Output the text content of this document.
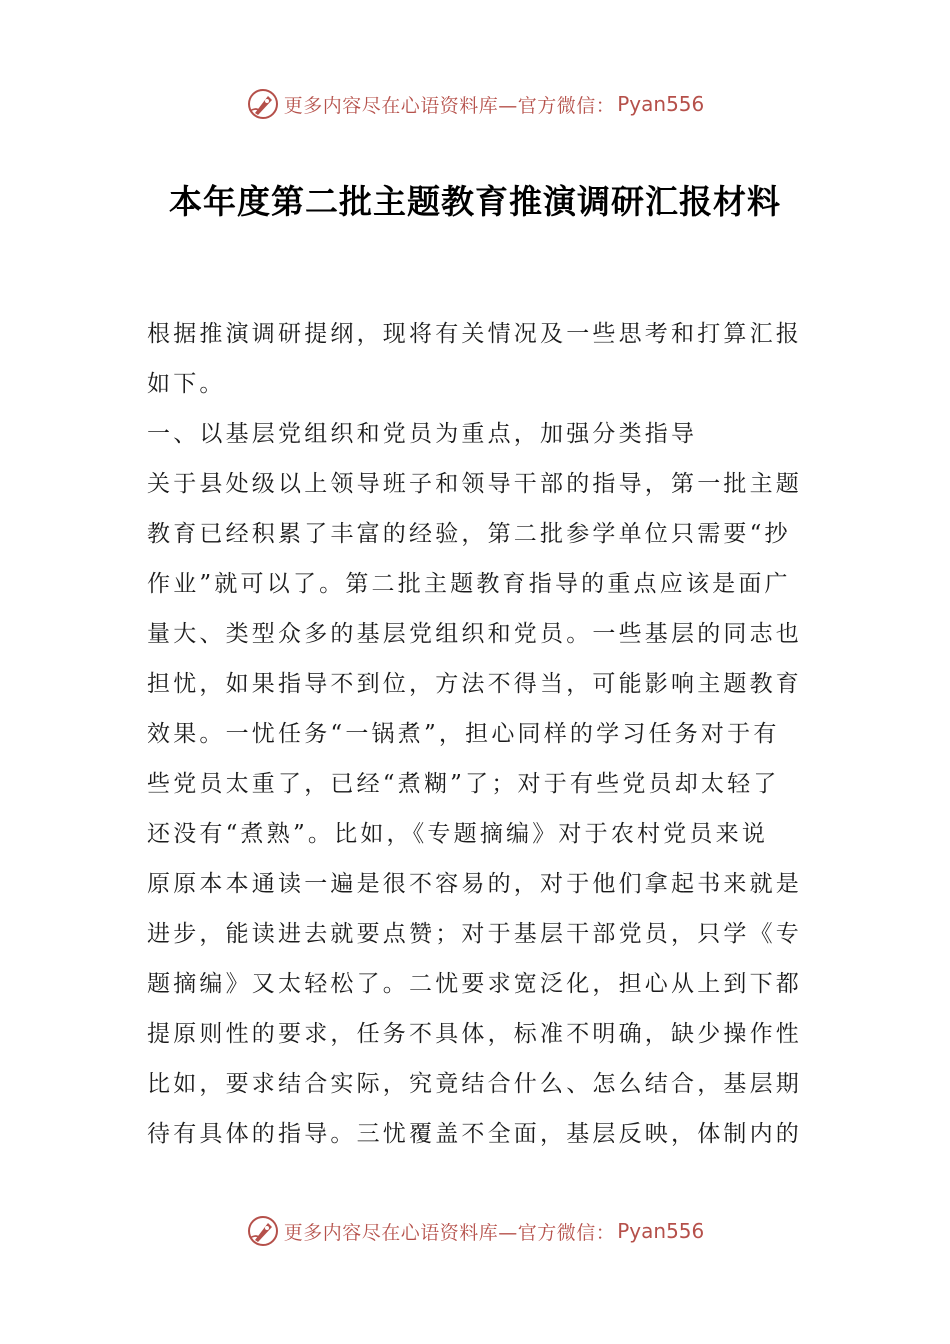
更多内容尽在心语资料库—官方微信： Pyan556
本年度第二批主题教育推演调研汇报材料

根据推演调研提纲，现将有关情况及一些思考和打算汇报

如下。

一、以基层党组织和党员为重点，加强分类指导

关于县处级以上领导班子和领导干部的指导，第一批主题

教育已经积累了丰富的经验，第二批参学单位只需要“抄

作业”就可以了。第二批主题教育指导的重点应该是面广

量大、类型众多的基层党组织和党员。一些基层的同志也

担忧，如果指导不到位，方法不得当，可能影响主题教育

效果。一忧任务“一锅煮”，担心同样的学习任务对于有

些党员太重了，已经“煮糊”了；对于有些党员却太轻了

还没有“煮熟”。比如，《专题摘编》对于农村党员来说

原原本本通读一遍是很不容易的，对于他们拿起书来就是

进步，能读进去就要点赞；对于基层干部党员，只学《专

题摘编》又太轻松了。二忧要求宽泛化，担心从上到下都

提原则性的要求，任务不具体，标准不明确，缺少操作性

比如，要求结合实际，究竟结合什么、怎么结合，基层期

待有具体的指导。三忧覆盖不全面，基层反映，体制内的

更多内容尽在心语资料库—官方微信： Pyan556
